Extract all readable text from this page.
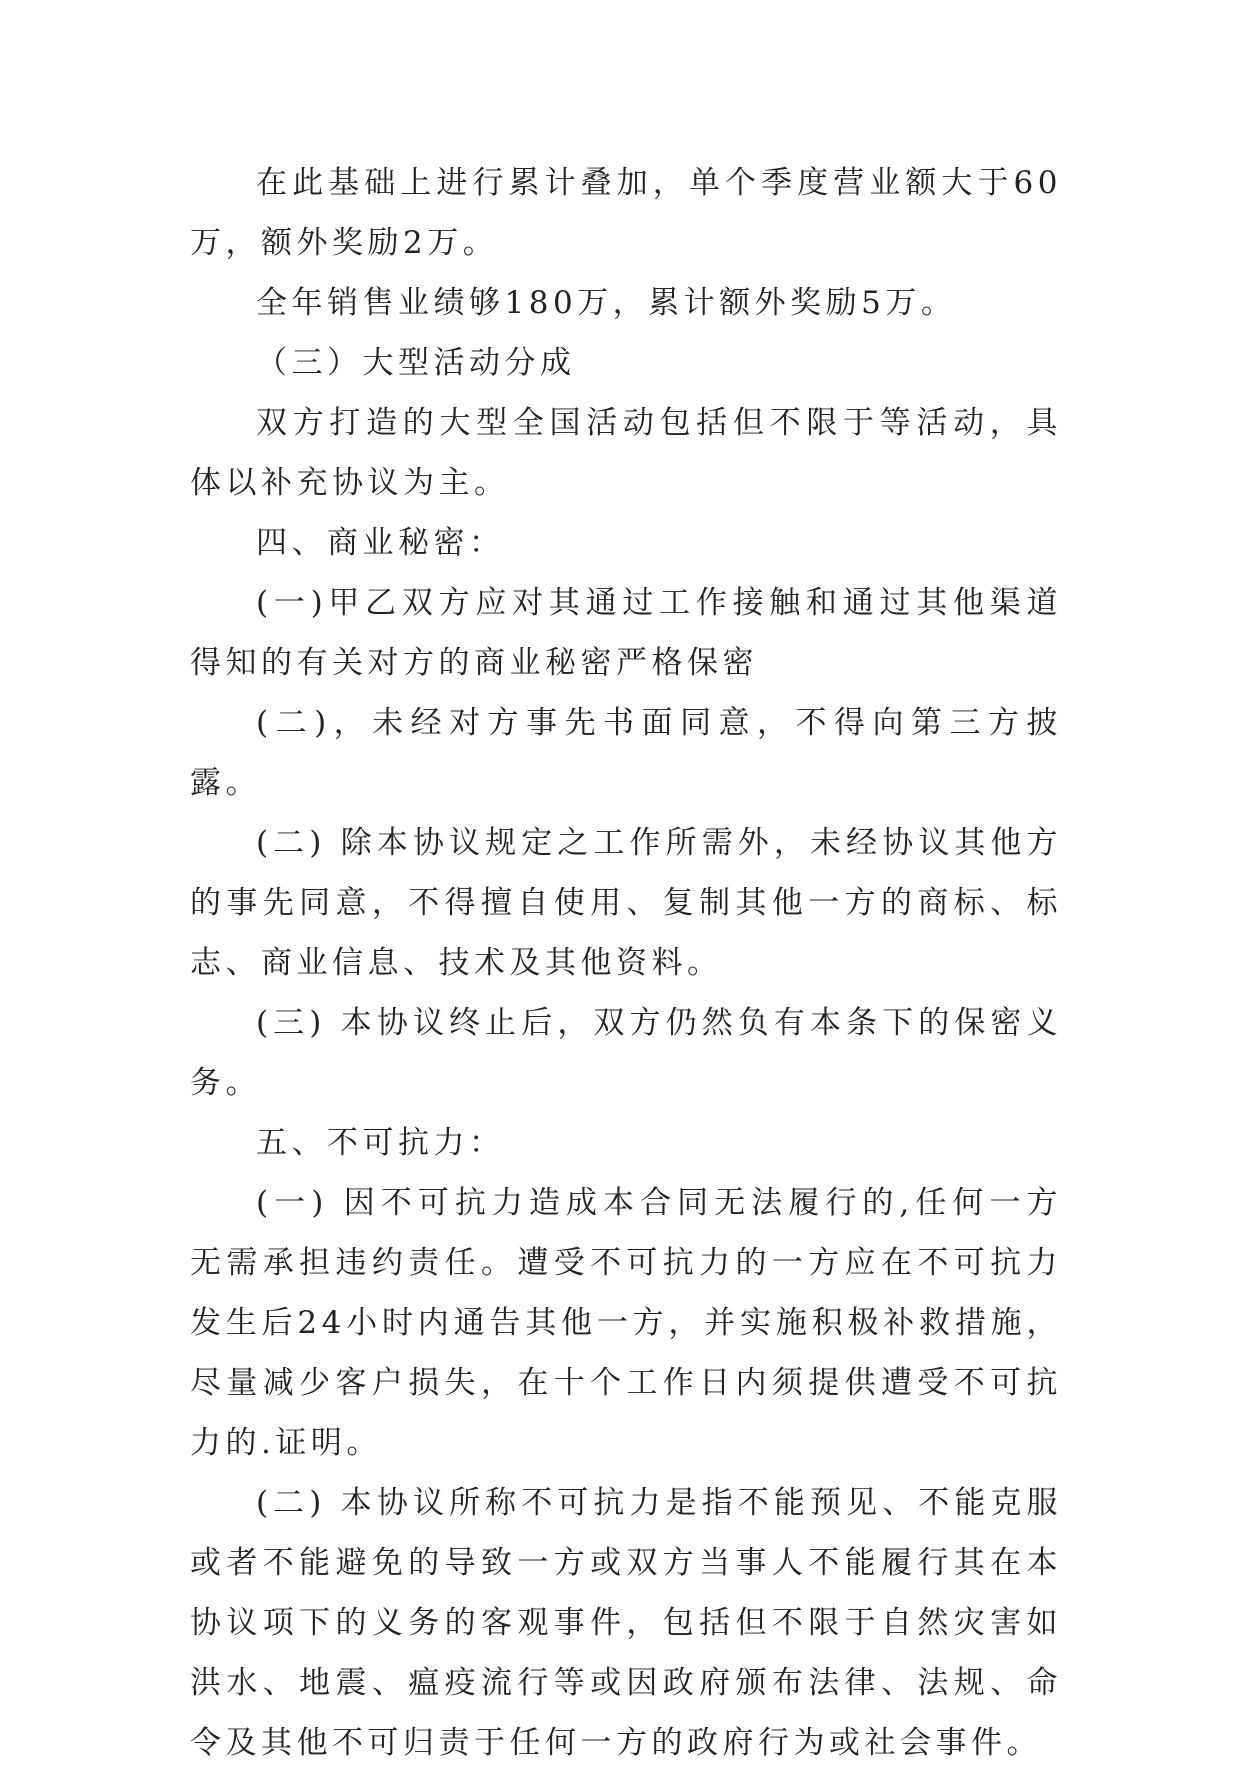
在此基础上进行累计叠加，单个季度营业额大于60万，额外奖励2万。

全年销售业绩够180万，累计额外奖励5万。

（三）大型活动分成

双方打造的大型全国活动包括但不限于等活动，具体以补充协议为主。

四、商业秘密：

(一)甲乙双方应对其通过工作接触和通过其他渠道得知的有关对方的商业秘密严格保密

(二)，未经对方事先书面同意，不得向第三方披露。

(二) 除本协议规定之工作所需外，未经协议其他方的事先同意，不得擅自使用、复制其他一方的商标、标志、商业信息、技术及其他资料。

(三) 本协议终止后，双方仍然负有本条下的保密义务。

五、不可抗力：

(一) 因不可抗力造成本合同无法履行的,任何一方无需承担违约责任。遭受不可抗力的一方应在不可抗力发生后24小时内通告其他一方，并实施积极补救措施，尽量减少客户损失，在十个工作日内须提供遭受不可抗力的.证明。

(二) 本协议所称不可抗力是指不能预见、不能克服或者不能避免的导致一方或双方当事人不能履行其在本协议项下的义务的客观事件，包括但不限于自然灾害如洪水、地震、瘟疫流行等或因政府颁布法律、法规、命令及其他不可归责于任何一方的政府行为或社会事件。
